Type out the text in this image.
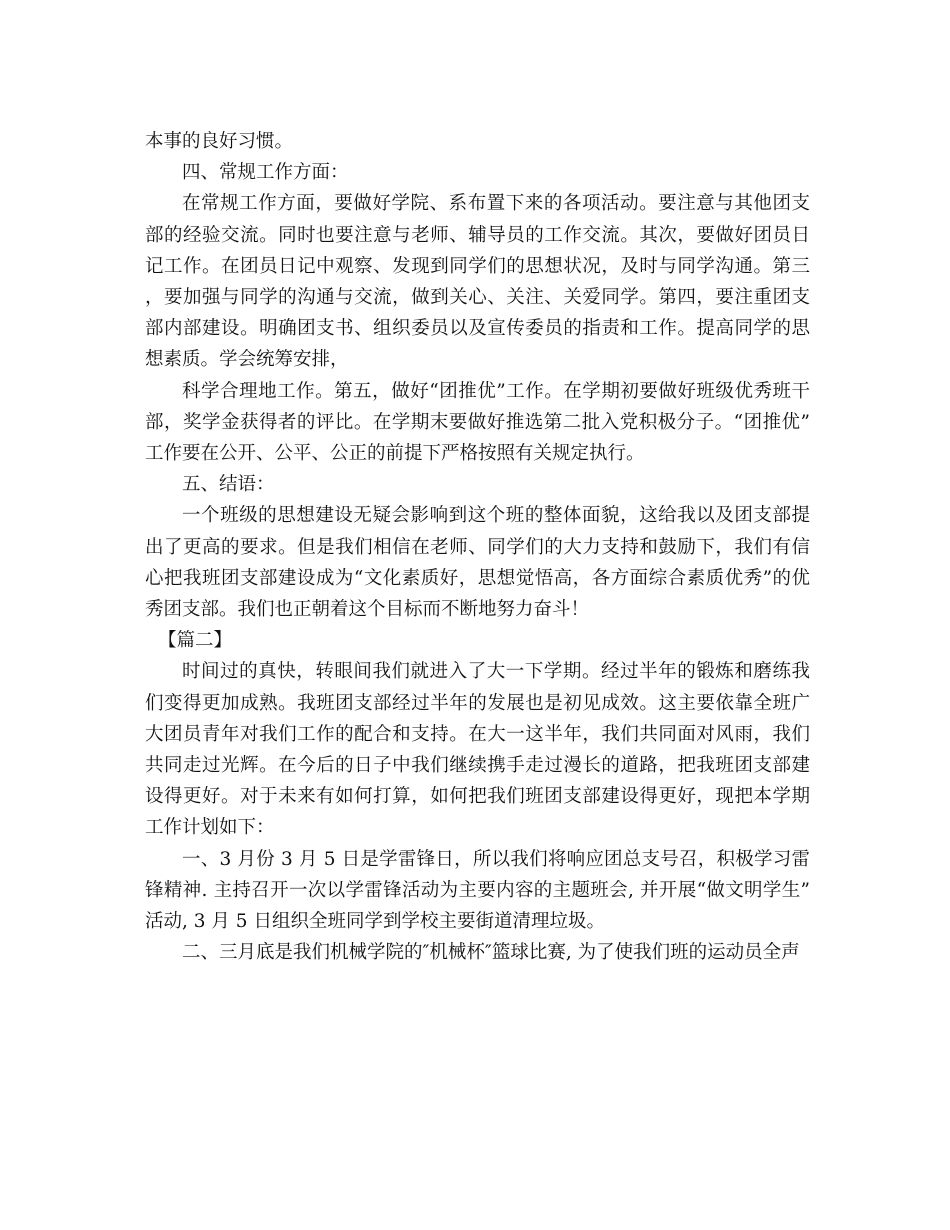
本事的良好习惯。

四、常规工作方面：

在常规工作方面，要做好学院、系布置下来的各项活动。要注意与其他团支部的经验交流。同时也要注意与老师、辅导员的工作交流。其次，要做好团员日记工作。在团员日记中观察、发现到同学们的思想状况，及时与同学沟通。第三，要加强与同学的沟通与交流，做到关心、关注、关爱同学。第四，要注重团支部内部建设。明确团支书、组织委员以及宣传委员的指责和工作。提高同学的思想素质。学会统筹安排，

科学合理地工作。第五，做好“团推优”工作。在学期初要做好班级优秀班干部，奖学金获得者的评比。在学期末要做好推选第二批入党积极分子。“团推优”工作要在公开、公平、公正的前提下严格按照有关规定执行。

五、结语：

一个班级的思想建设无疑会影响到这个班的整体面貌，这给我以及团支部提出了更高的要求。但是我们相信在老师、同学们的大力支持和鼓励下，我们有信心把我班团支部建设成为“文化素质好，思想觉悟高，各方面综合素质优秀”的优秀团支部。我们也正朝着这个目标而不断地努力奋斗！

【篇二】

时间过的真快，转眼间我们就进入了大一下学期。经过半年的锻炼和磨练我们变得更加成熟。我班团支部经过半年的发展也是初见成效。这主要依靠全班广大团员青年对我们工作的配合和支持。在大一这半年，我们共同面对风雨，我们共同走过光辉。在今后的日子中我们继续携手走过漫长的道路，把我班团支部建设得更好。对于未来有如何打算，如何把我们班团支部建设得更好，现把本学期工作计划如下：

一、3 月份 3 月 5 日是学雷锋日，所以我们将响应团总支号召，积极学习雷锋精神. 主持召开一次以学雷锋活动为主要内容的主题班会, 并开展“做文明学生”活动, 3 月 5 日组织全班同学到学校主要街道清理垃圾。

二、三月底是我们机械学院的″机械杯″篮球比赛, 为了使我们班的运动员全声
